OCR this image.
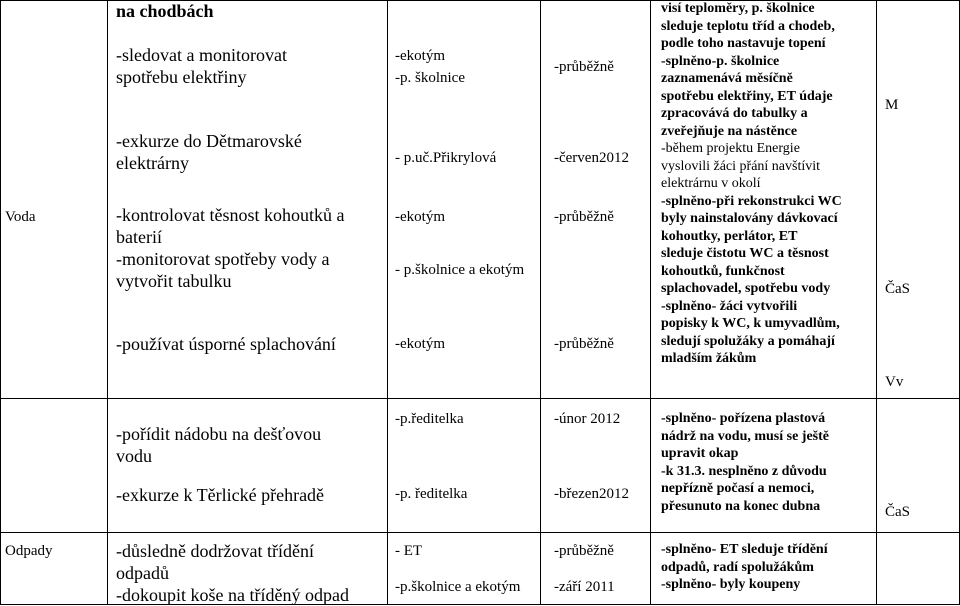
Voda
na chodbách
-sledovat a monitorovat
spotřebu elektřiny
-exkurze do Dětmarovské
elektrárny
-kontrolovat těsnost kohoutků a
baterií
-monitorovat spotřeby vody a
vytvořit tabulku
-používat úsporné splachování
-ekotým
-p. školnice
- p.uč.Přikrylová
-ekotým
- p.školnice a ekotým
-ekotým
-průběžně
-červen2012
-průběžně
-průběžně
visí teploměry, p. školnice
sleduje teplotu tříd a chodeb,
podle toho nastavuje topení
-splněno-p. školnice
zaznamenává měsíčně
spotřebu elektřiny, ET údaje
zpracovává do tabulky a
zveřejňuje na nástěnce
-během projektu Energie
vyslovili žáci přání navštívit
elektrárnu v okolí
-splněno-při rekonstrukci WC
byly nainstalovány dávkovací
kohoutky, perlátor, ET
sleduje čistotu WC a těsnost
kohoutků, funkčnost
splachovadel, spotřebu vody
-splněno- žáci vytvořili
popisky k WC, k umyvadlům,
sledují spolužáky a pomáhají
mladším žákům
M
ČaS
Vv
-pořídit nádobu na dešťovou
vodu
-exkurze k Těrlické přehradě
-p.ředitelka
-p. ředitelka
-únor 2012
-březen2012
-splněno- pořízena plastová
nádrž na vodu, musí se ještě
upravit okap
-k 31.3. nesplněno z důvodu
nepřízně počasí a nemoci,
přesunuto na konec dubna	ČaS
Odpady	-důsledně dodržovat třídění
odpadů
-dokoupit koše na tříděný odpad
- ET
-p.školnice a ekotým
-průběžně
-září 2011
-splněno- ET sleduje třídění
odpadů, radí spolužákům
-splněno- byly koupeny
